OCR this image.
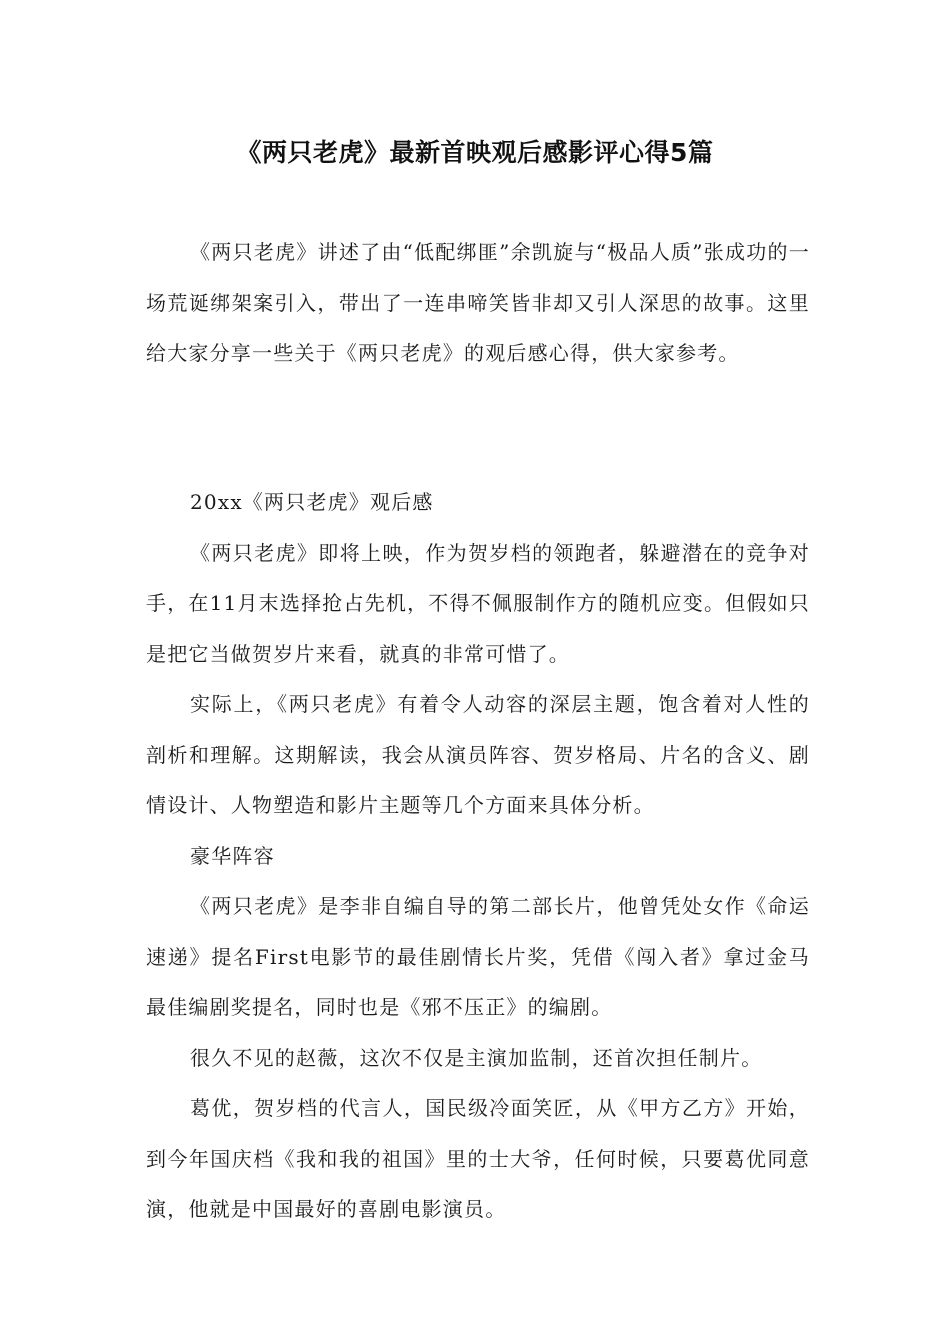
《两只老虎》最新首映观后感影评心得5篇

《两只老虎》讲述了由“低配绑匪”余凯旋与“极品人质”张成功的一场荒诞绑架案引入，带出了一连串啼笑皆非却又引人深思的故事。这里给大家分享一些关于《两只老虎》的观后感心得，供大家参考。

20xx《两只老虎》观后感

《两只老虎》即将上映，作为贺岁档的领跑者，躲避潜在的竞争对手，在11月末选择抢占先机，不得不佩服制作方的随机应变。但假如只是把它当做贺岁片来看，就真的非常可惜了。

实际上，《两只老虎》有着令人动容的深层主题，饱含着对人性的剖析和理解。这期解读，我会从演员阵容、贺岁格局、片名的含义、剧情设计、人物塑造和影片主题等几个方面来具体分析。

豪华阵容

《两只老虎》是李非自编自导的第二部长片，他曾凭处女作《命运速递》提名First电影节的最佳剧情长片奖，凭借《闯入者》拿过金马最佳编剧奖提名，同时也是《邪不压正》的编剧。

很久不见的赵薇，这次不仅是主演加监制，还首次担任制片。

葛优，贺岁档的代言人，国民级冷面笑匠，从《甲方乙方》开始，到今年国庆档《我和我的祖国》里的士大爷，任何时候，只要葛优同意演，他就是中国最好的喜剧电影演员。
